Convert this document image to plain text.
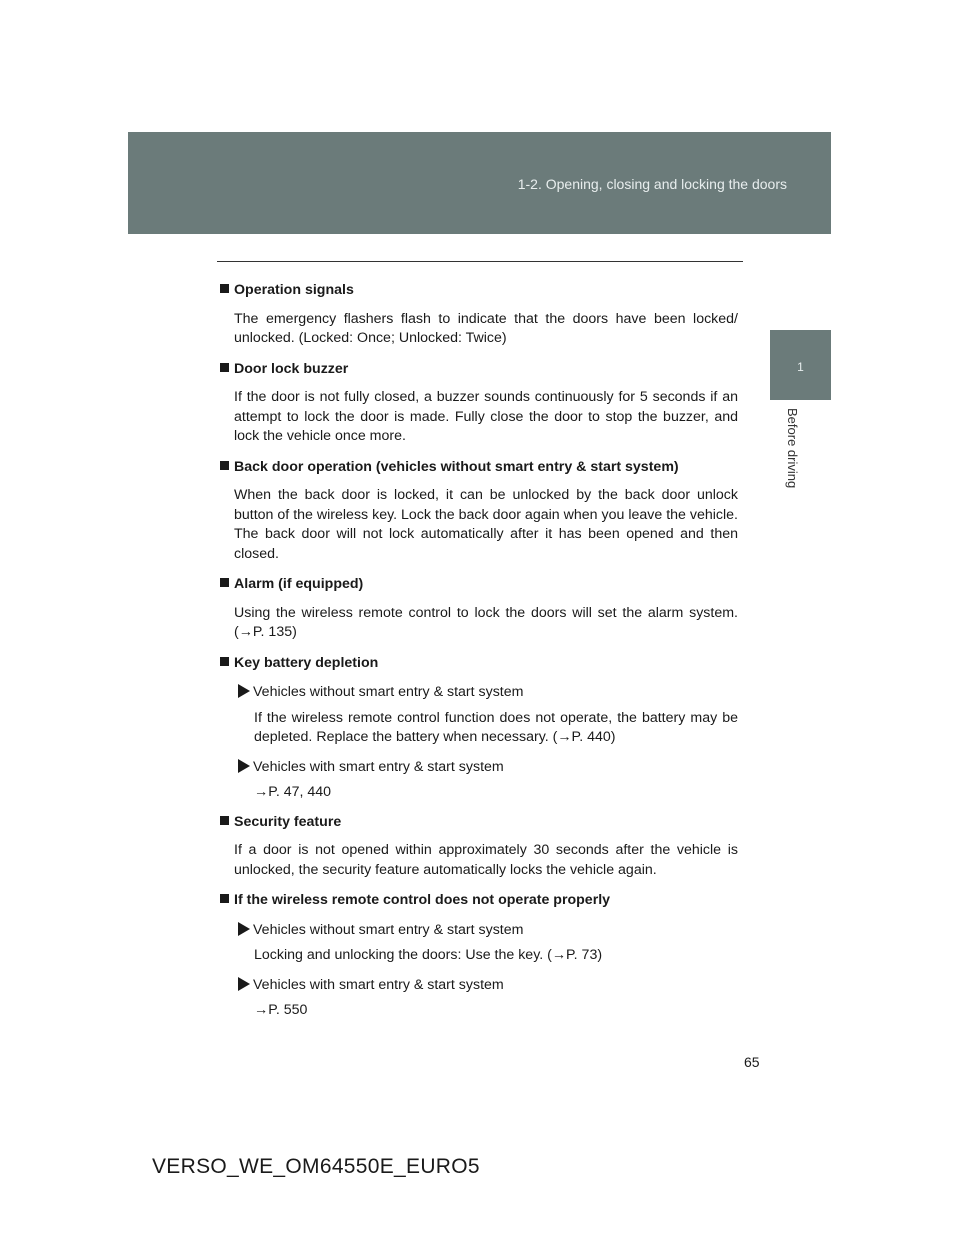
1-2. Opening, closing and locking the doors
1
Before driving

Operation signals

The emergency flashers flash to indicate that the doors have been locked/ unlocked. (Locked: Once; Unlocked: Twice)

Door lock buzzer

If the door is not fully closed, a buzzer sounds continuously for 5 seconds if an attempt to lock the door is made. Fully close the door to stop the buzzer, and lock the vehicle once more.

Back door operation (vehicles without smart entry & start system)

When the back door is locked, it can be unlocked by the back door unlock button of the wireless key. Lock the back door again when you leave the vehicle. The back door will not lock automatically after it has been opened and then closed.

Alarm (if equipped)

Using the wireless remote control to lock the doors will set the alarm system. (→P. 135)

Key battery depletion

Vehicles without smart entry & start system

If the wireless remote control function does not operate, the battery may be depleted. Replace the battery when necessary. (→P. 440)

Vehicles with smart entry & start system

→P. 47, 440

Security feature

If a door is not opened within approximately 30 seconds after the vehicle is unlocked, the security feature automatically locks the vehicle again.

If the wireless remote control does not operate properly

Vehicles without smart entry & start system

Locking and unlocking the doors: Use the key. (→P. 73)

Vehicles with smart entry & start system

→P. 550

65
VERSO_WE_OM64550E_EURO5
